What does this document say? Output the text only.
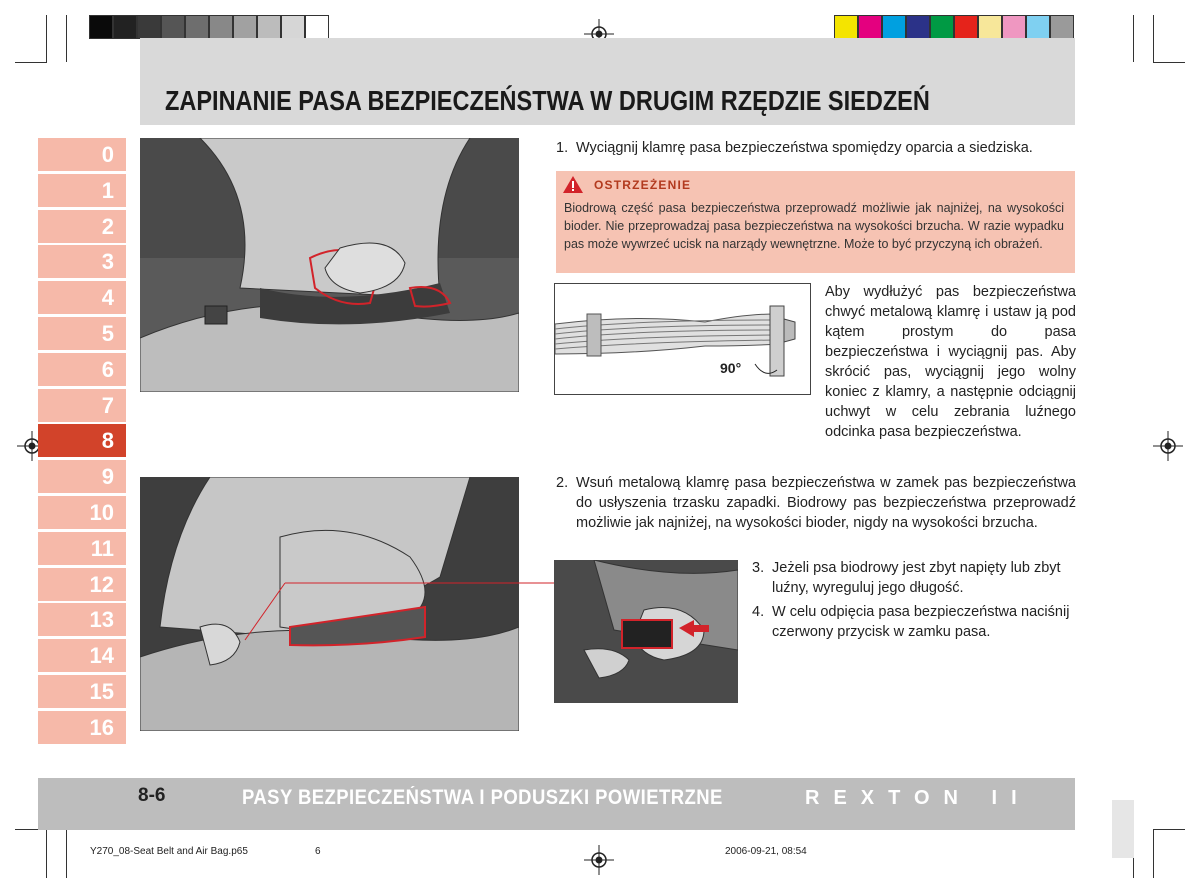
ZAPINANIE PASA BEZPIECZEŃSTWA W DRUGIM RZĘDZIE SIEDZEŃ
0
1
2
3
4
5
6
7
8
9
10
11
12
13
14
15
16
1. Wyciągnij klamrę pasa bezpieczeństwa spomiędzy oparcia a siedziska.
OSTRZEŻENIE
Biodrową część pasa bezpieczeństwa przeprowadź możliwie jak najniżej, na wysokości bioder. Nie przeprowadzaj pasa bezpieczeństwa na wysokości brzucha. W razie wypadku pas może wywrzeć ucisk na narządy wewnętrzne. Może to być przyczyną ich obrażeń.
90°
Aby wydłużyć pas bezpieczeństwa chwyć metalową klamrę i ustaw ją pod kątem prostym do pasa bezpieczeństwa i wyciągnij pas. Aby skrócić pas, wyciągnij jego wolny koniec z klamry, a następnie odciągnij uchwyt w celu zebrania luźnego odcinka pasa bezpieczeństwa.
2. Wsuń metalową klamrę pasa bezpieczeństwa w zamek pas bezpieczeństwa do usłyszenia trzasku zapadki. Biodrowy pas bezpieczeństwa przeprowadź możliwie jak najniżej, na wysokości bioder, nigdy na wysokości brzucha.
3. Jeżeli psa biodrowy jest zbyt napięty lub zbyt luźny, wyreguluj jego długość.
4. W celu odpięcia pasa bezpieczeństwa naciśnij czerwony przycisk w zamku pasa.
8-6	PASY BEZPIECZEŃSTWA I PODUSZKI POWIETRZNE	REXTON II
Y270_08-Seat Belt and Air Bag.p65	6	2006-09-21, 08:54
